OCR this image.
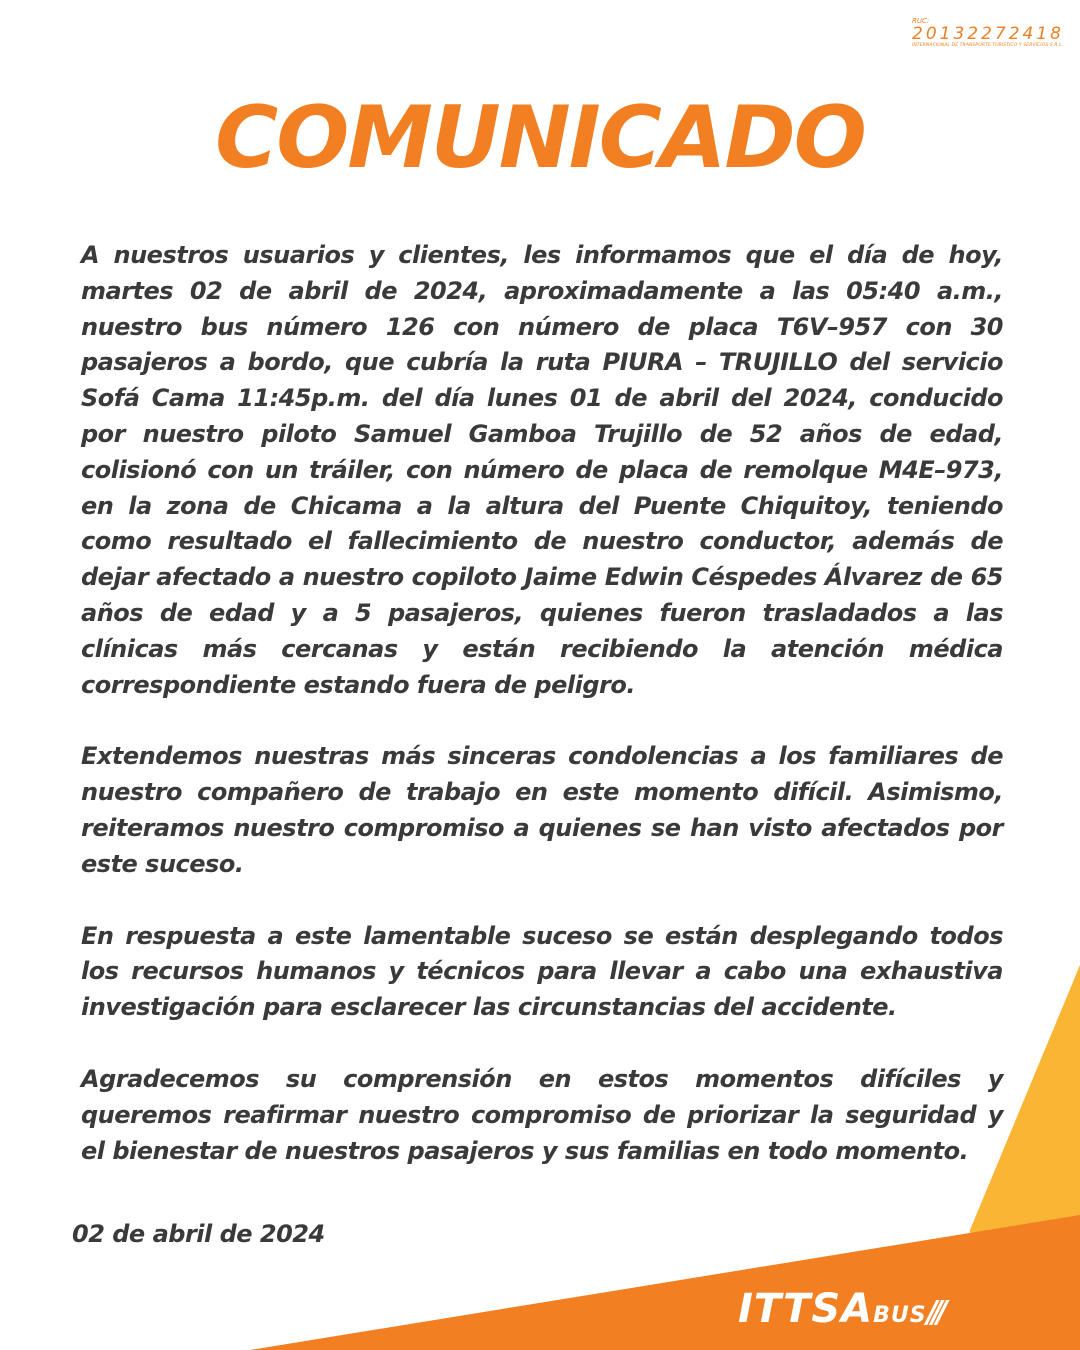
RUC:
20132272418
INTERNACIONAL DE TRANSPORTE TURISTICO Y SERVICIOS S.R.L.
COMUNICADO

A nuestros usuarios y clientes, les informamos que el día de hoy, martes 02 de abril de 2024, aproximadamente a las 05:40 a.m., nuestro bus número 126 con número de placa T6V–957 con 30 pasajeros a bordo, que cubría la ruta PIURA – TRUJILLO del servicio Sofá Cama 11:45p.m. del día lunes 01 de abril del 2024, conducido por nuestro piloto Samuel Gamboa Trujillo de 52 años de edad, colisionó con un tráiler, con número de placa de remolque M4E–973, en la zona de Chicama a la altura del Puente Chiquitoy, teniendo como resultado el fallecimiento de nuestro conductor, además de dejar afectado a nuestro copiloto Jaime Edwin Céspedes Álvarez de 65 años de edad y a 5 pasajeros, quienes fueron trasladados a las clínicas más cercanas y están recibiendo la atención médica correspondiente estando fuera de peligro.

Extendemos nuestras más sinceras condolencias a los familiares de nuestro compañero de trabajo en este momento difícil. Asimismo, reiteramos nuestro compromiso a quienes se han visto afectados por este suceso.

En respuesta a este lamentable suceso se están desplegando todos los recursos humanos y técnicos para llevar a cabo una exhaustiva investigación para esclarecer las circunstancias del accidente.

Agradecemos su comprensión en estos momentos difíciles y queremos reafirmar nuestro compromiso de priorizar la seguridad y el bienestar de nuestros pasajeros y sus familias en todo momento.

02 de abril de 2024
ITTSABUS///
